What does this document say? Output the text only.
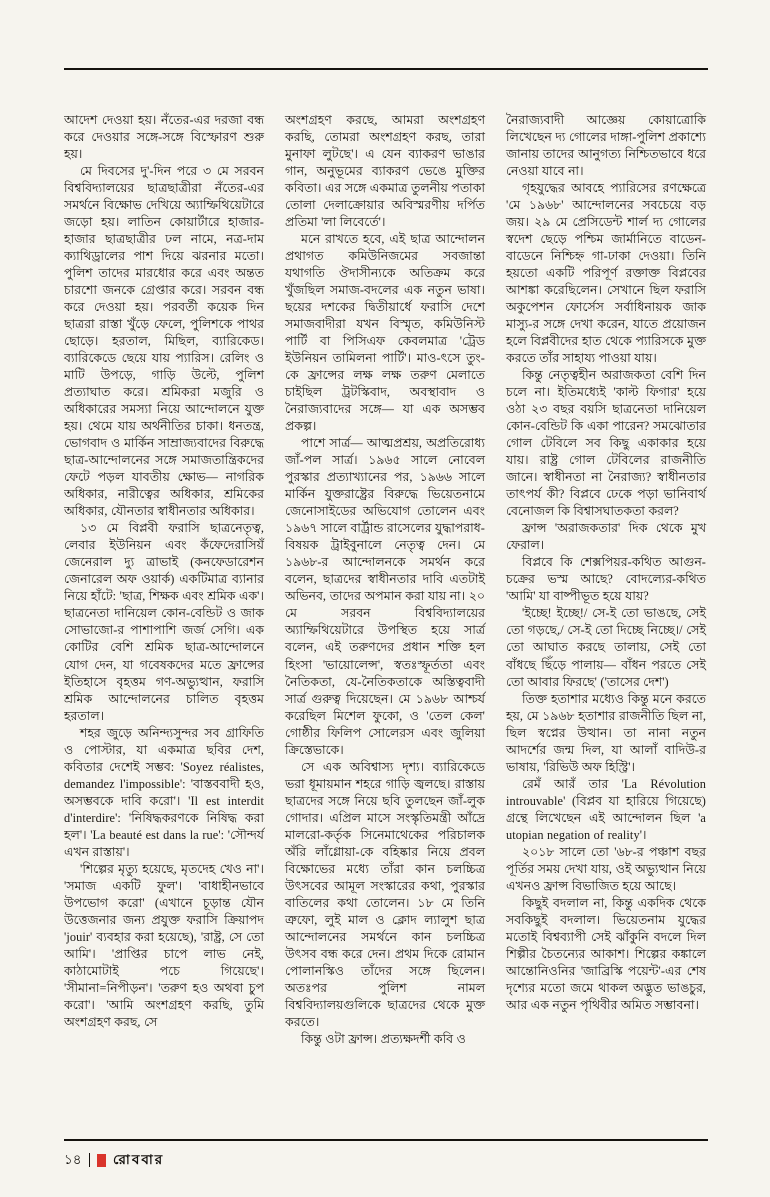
আদেশ দেওয়া হয়। নঁতের-এর দরজা বন্ধ করে দেওয়ার সঙ্গে-সঙ্গে বিস্ফোরণ শুরু হয়।

মে দিবসের দু'-দিন পরে ৩ মে সরবন বিশ্ববিদ্যালয়ের ছাত্রছাত্রীরা নঁতের-এর সমর্থনে বিক্ষোভ দেখিয়ে অ্যাম্ফিথিয়েটারে জড়ো হয়। লাতিন কোয়ার্টারে হাজার-হাজার ছাত্রছাত্রীর ঢল নামে, নত্র-দাম ক্যাথিড্রালের পাশ দিয়ে ঝরনার মতো। পুলিশ তাদের মারধোর করে এবং অন্তত চারশো জনকে গ্রেপ্তার করে। সরবন বন্ধ করে দেওয়া হয়। পরবর্তী কয়েক দিন ছাত্ররা রাস্তা খুঁড়ে ফেলে, পুলিশকে পাথর ছোড়ে। হরতাল, মিছিল, ব্যারিকেড। ব্যারিকেডে ছেয়ে যায় প্যারিস। রেলিং ও মাটি উপড়ে, গাড়ি উল্টে, পুলিশ প্রত্যাঘাত করে। শ্রমিকরা মজুরি ও অধিকারের সমস্যা নিয়ে আন্দোলনে যুক্ত হয়। থেমে যায় অর্থনীতির চাকা। ধনতন্ত্র, ভোগবাদ ও মার্কিন সাম্রাজ্যবাদের বিরুদ্ধে ছাত্র-আন্দোলনের সঙ্গে সমাজতান্ত্রিকদের ফেটে পড়ল যাবতীয় ক্ষোভ— নাগরিক অধিকার, নারীত্বের অধিকার, শ্রমিকের অধিকার, যৌনতার স্বাধীনতার অধিকার।

১৩ মে বিপ্লবী ফরাসি ছাত্রনেতৃত্ব, লেবার ইউনিয়ন এবং কঁফেদেরাসিয়ঁ জেনেরাল দ্যু ত্রাভাই (কনফেডারেশন জেনারেল অফ ওয়ার্ক) একটিমাত্র ব্যানার নিয়ে হাঁটে: 'ছাত্র, শিক্ষক এবং শ্রমিক এক'। ছাত্রনেতা দানিয়েল কোন-বেন্ডিট ও জাক সোভাজো-র পাশাপাশি জর্জ সেগি। এক কোটির বেশি শ্রমিক ছাত্র-আন্দোলনে যোগ দেন, যা গবেষকদের মতে ফ্রান্সের ইতিহাসে বৃহত্তম গণ-অভ্যুত্থান, ফরাসি শ্রমিক আন্দোলনের চালিত বৃহত্তম হরতাল।

শহর জুড়ে অনিন্দ্যসুন্দর সব গ্রাফিতি ও পোস্টার, যা একমাত্র ছবির দেশ, কবিতার দেশেই সম্ভব: 'Soyez réalistes, demandez l'impossible': 'বাস্তববাদী হও, অসম্ভবকে দাবি করো'। 'Il est interdit d'interdire': 'নিষিদ্ধকরণকে নিষিদ্ধ করা হল'। 'La beauté est dans la rue': 'সৌন্দর্য এখন রাস্তায়'।

'শিল্পের মৃত্যু হয়েছে, মৃতদেহ খেও না'। 'সমাজ একটি ফুল'। 'বাধাহীনভাবে উপভোগ করো' (এখানে চূড়ান্ত যৌন উত্তেজনার জন্য প্রযুক্ত ফরাসি ক্রিয়াপদ 'jouir' ব্যবহার করা হয়েছে), 'রাষ্ট্র, সে তো আমি'। 'প্রাপ্তির চাপে লাভ নেই, কাঠামোটাই পচে গিয়েছে'। 'সীমানা=নিপীড়ন'। 'তরুণ হও অথবা চুপ করো'। 'আমি অংশগ্রহণ করছি, তুমি অংশগ্রহণ করছ, সে

অংশগ্রহণ করছে, আমরা অংশগ্রহণ করছি, তোমরা অংশগ্রহণ করছ, তারা মুনাফা লুটছে'। এ যেন ব্যাকরণ ভাঙার গান, অনুভূমের ব্যাকরণ ভেঙে মুক্তির কবিতা। এর সঙ্গে একমাত্র তুলনীয় পতাকা তোলা দেলাক্রোয়ার অবিস্মরণীয় দর্পিত প্রতিমা 'লা লিবের্তে'।

মনে রাখতে হবে, এই ছাত্র আন্দোলন প্রথাগত কমিউনিজমের সবজান্তা যথাগতি ঔদাসীন্যকে অতিক্রম করে খুঁজছিল সমাজ-বদলের এক নতুন ভাষা। ছয়ের দশকের দ্বিতীয়ার্ধে ফরাসি দেশে সমাজবাদীরা যখন বিস্মৃত, কমিউনিস্ট পার্টি বা পিসিএফ কেবলমাত্র 'ট্রেড ইউনিয়ন তামিলনা পার্টি'। মাও-ৎসে তুং-কে ফ্রান্সের লক্ষ লক্ষ তরুণ মেলাতে চাইছিল ট্রটস্কিবাদ, অবস্থাবাদ ও নৈরাজ্যবাদের সঙ্গে— যা এক অসম্ভব প্রকল্প।

পাশে সার্ত্র— আত্মপ্রশ্রয়, অপ্রতিরোধ্য জাঁ-পল সার্ত্র। ১৯৬৫ সালে নোবেল পুরস্কার প্রত্যাখ্যানের পর, ১৯৬৬ সালে মার্কিন যুক্তরাষ্ট্রের বিরুদ্ধে ভিয়েতনামে জেনোসাইডের অভিযোগ তোলেন এবং ১৯৬৭ সালে বার্ট্রান্ড রাসেলের যুদ্ধাপরাধ-বিষয়ক ট্রাইবুনালে নেতৃত্ব দেন। মে ১৯৬৮-র আন্দোলনকে সমর্থন করে বলেন, ছাত্রদের স্বাধীনতার দাবি এতটাই অভিনব, তাদের অপমান করা যায় না। ২০ মে সরবন বিশ্ববিদ্যালয়ের অ্যাম্ফিথিয়েটারে উপস্থিত হয়ে সার্ত্র বলেন, এই তরুণদের প্রধান শক্তি হল হিংসা 'ভায়োলেন্স', স্বতঃস্ফূর্ততা এবং নৈতিকতা, যে-নৈতিকতাকে অস্তিত্ববাদী সার্ত্র গুরুত্ব দিয়েছেন। মে ১৯৬৮ আশ্চর্য করেছিল মিশেল ফুকো, ও 'তেল কেল' গোষ্ঠীর ফিলিপ সোলেরস এবং জুলিয়া ক্রিস্তেভাকে।

সে এক অবিশ্বাস্য দৃশ্য। ব্যারিকেডে ভরা ধূমায়মান শহরে গাড়ি জ্বলছে। রাস্তায় ছাত্রদের সঙ্গে নিয়ে ছবি তুলছেন জাঁ-লুক গোদার। এপ্রিল মাসে সংস্কৃতিমন্ত্রী আঁদ্রে মালরো-কর্তৃক সিনেমাথেকের পরিচালক অঁরি লাঁগ্লোয়া-কে বহিষ্কার নিয়ে প্রবল বিক্ষোভের মধ্যে তাঁরা কান চলচ্চিত্র উৎসবের আমূল সংস্কারের কথা, পুরস্কার বাতিলের কথা তোলেন। ১৮ মে তিনি ত্রুফো, লুই মাল ও ক্লোদ ল্যালুশ ছাত্র আন্দোলনের সমর্থনে কান চলচ্চিত্র উৎসব বন্ধ করে দেন। প্রথম দিকে রোমান পোলানস্কিও তাঁদের সঙ্গে ছিলেন। অতঃপর পুলিশ নামল বিশ্ববিদ্যালয়গুলিকে ছাত্রদের থেকে মুক্ত করতে।

কিন্তু ওটা ফ্রান্স। প্রত্যক্ষদর্শী কবি ও

নৈরাজ্যবাদী আজ্ঞেয় কোয়াত্রোকি লিখেছেন দ্য গোলের দাঙ্গা-পুলিশ প্রকাশ্যে জানায় তাদের আনুগত্য নিশ্চিতভাবে ধরে নেওয়া যাবে না।

গৃহযুদ্ধের আবহে প্যারিসের রণক্ষেত্রে 'মে ১৯৬৮' আন্দোলনের সবচেয়ে বড় জয়। ২৯ মে প্রেসিডেন্ট শার্ল দ্য গোলের স্বদেশ ছেড়ে পশ্চিম জার্মানিতে বাডেন-বাডেনে নিশ্চিহ্ন গা-ঢাকা দেওয়া। তিনি হয়তো একটি পরিপূর্ণ রক্তাক্ত বিপ্লবের আশঙ্কা করেছিলেন। সেখানে ছিল ফরাসি অকুপেশন ফোর্সেস সর্বাধিনায়ক জাক মাস্যু-র সঙ্গে দেখা করেন, যাতে প্রয়োজন হলে বিপ্লবীদের হাত থেকে প্যারিসকে মুক্ত করতে তাঁর সাহায্য পাওয়া যায়।

কিন্তু নেতৃত্বহীন অরাজকতা বেশি দিন চলে না। ইতিমধ্যেই 'কাল্ট ফিগার' হয়ে ওঠা ২৩ বছর বয়সি ছাত্রনেতা দানিয়েল কোন-বেন্ডিট কি একা পারেন? সমঝোতার গোল টেবিলে সব কিছু একাকার হয়ে যায়। রাষ্ট্র গোল টেবিলের রাজনীতি জানে। স্বাধীনতা না নৈরাজ্য? স্বাধীনতার তাৎপর্য কী? বিপ্লবে ঢেকে পড়া ভানিবার্থ বেনোজল কি বিশ্বাসঘাতকতা করল?

ফ্রান্স 'অরাজকতার' দিক থেকে মুখ ফেরাল।

বিপ্লবে কি শেক্সপিয়র-কথিত আগুন-চক্রের ভস্ম আছে? বোদল্যের-কথিত 'আমি' যা বাষ্পীভূত হয়ে যায়?

'ইচ্ছে! ইচ্ছে!/ সে-ই তো ভাঙছে, সেই তো গড়ছে,/ সে-ই তো দিচ্ছে নিচ্ছে।/ সেই তো আঘাত করছে তালায়, সেই তো বাঁধছে ছিঁড়ে পালায়— বাঁধন পরতে সেই তো আবার ফিরছে' ('তাসের দেশ')

তিক্ত হতাশার মধ্যেও কিন্তু মনে করতে হয়, মে ১৯৬৮ হতাশার রাজনীতি ছিল না, ছিল স্বপ্নের উত্থান। তা নানা নতুন আদর্শের জন্ম দিল, যা আলাঁ বাদিউ-র ভাষায়, 'রিভিউ অফ হিস্ট্রি'।

রেমঁ আরঁ তার 'La Révolution introuvable' (বিপ্লব যা হারিয়ে গিয়েছে) গ্রন্থে লিখেছেন এই আন্দোলন ছিল 'a utopian negation of reality'।

২০১৮ সালে তো '৬৮-র পঞ্চাশ বছর পূর্তির সময় দেখা যায়, ওই অভ্যুত্থান নিয়ে এখনও ফ্রান্স বিভাজিত হয়ে আছে।

কিছুই বদলাল না, কিন্তু একদিক থেকে সবকিছুই বদলাল। ভিয়েতনাম যুদ্ধের মতোই বিশ্বব্যাপী সেই ঝাঁকুনি বদলে দিল শিল্পীর চৈতন্যের আকাশ। শিল্পের কঙ্কালে আন্তোনিওনির 'জাব্রিস্কি পয়েন্ট'-এর শেষ দৃশ্যের মতো জমে থাকল অদ্ভুত ভাঙচুর, আর এক নতুন পৃথিবীর অমিত সম্ভাবনা।

১৪ রোববার
